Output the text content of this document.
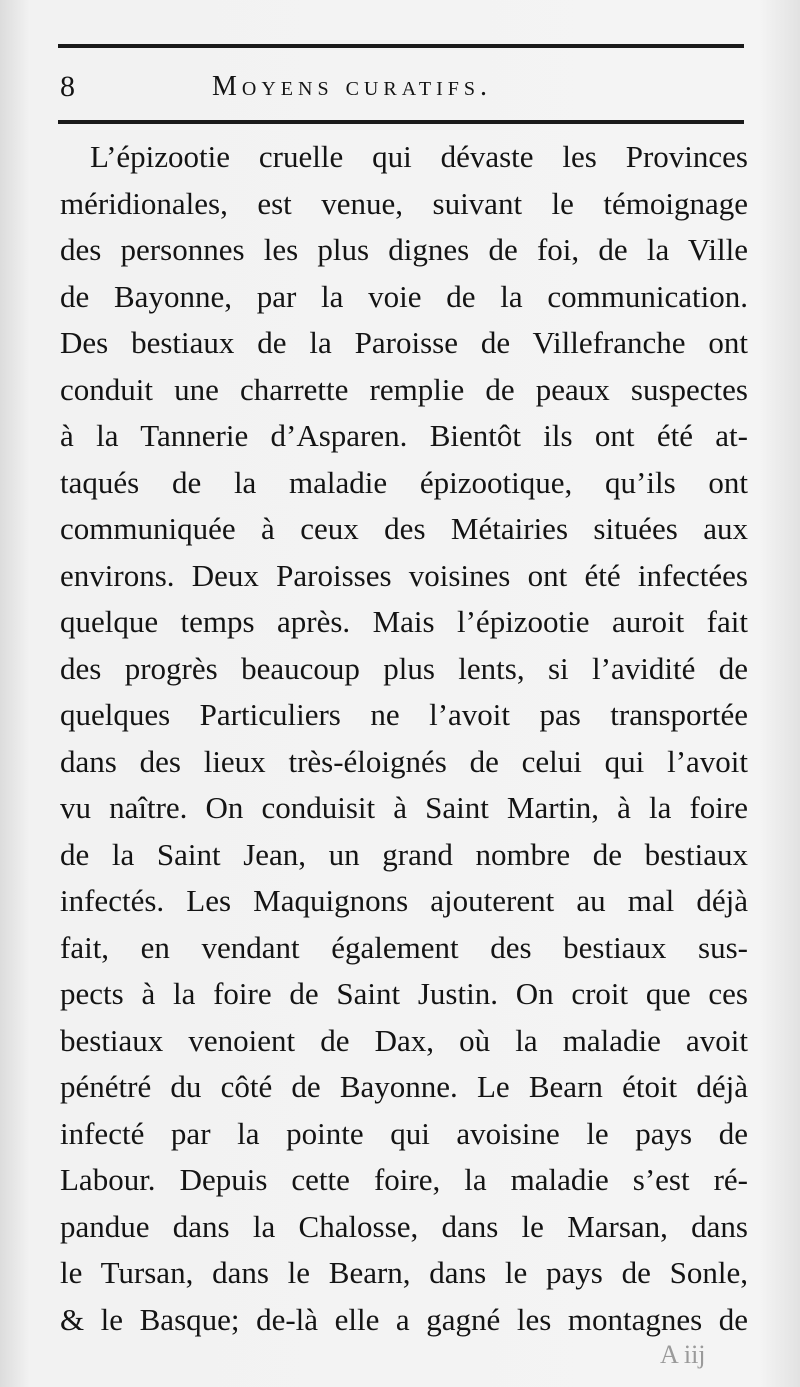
8	Moyens curatifs.
L’épizootie cruelle qui dévaste les Provinces
méridionales, est venue, suivant le témoignage
des personnes les plus dignes de foi, de la Ville
de Bayonne, par la voie de la communication.
Des bestiaux de la Paroisse de Villefranche ont
conduit une charrette remplie de peaux suspectes
à la Tannerie d’Asparen. Bientôt ils ont été at-
taqués de la maladie épizootique, qu’ils ont
communiquée à ceux des Métairies situées aux
environs. Deux Paroisses voisines ont été infectées
quelque temps après. Mais l’épizootie auroit fait
des progrès beaucoup plus lents, si l’avidité de
quelques Particuliers ne l’avoit pas transportée
dans des lieux très-éloignés de celui qui l’avoit
vu naître. On conduisit à Saint Martin, à la foire
de la Saint Jean, un grand nombre de bestiaux
infectés. Les Maquignons ajouterent au mal déjà
fait, en vendant également des bestiaux sus-
pects à la foire de Saint Justin. On croit que ces
bestiaux venoient de Dax, où la maladie avoit
pénétré du côté de Bayonne. Le Bearn étoit déjà
infecté par la pointe qui avoisine le pays de
Labour. Depuis cette foire, la maladie s’est ré-
pandue dans la Chalosse, dans le Marsan, dans
le Tursan, dans le Bearn, dans le pays de Sonle,
& le Basque; de-là elle a gagné les montagnes de
A iij
